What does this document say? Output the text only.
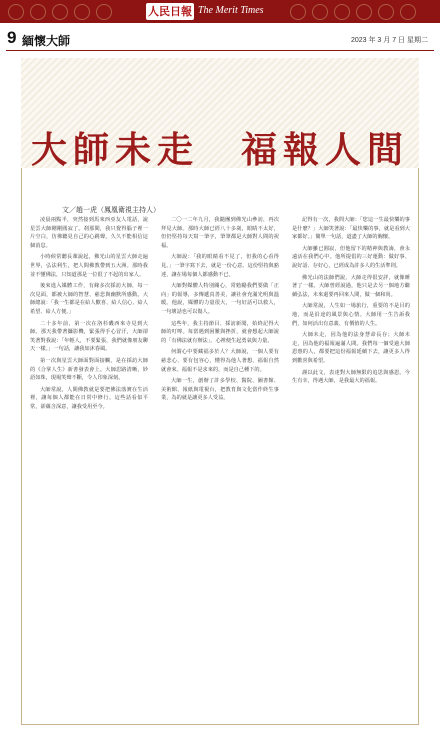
人民日報 The Merit Times
9 緬懷大師	2023 年 3 月 7 日 星期二
大師未走　福報人間
文／趙一虎（鳳凰衛視主持人）

凌晨兩點半，突然接到馬來西亞友人電話，說星雲大師剛剛圓寂了。刹那間，我只覺得腦子裡一片空白，彷彿聽見自己的心跳聲，久久不能相信這個消息。

小時候常聽長輩說起，佛光山的星雲大師走遍世界，弘法利生，把人間佛教帶到五大洲。那時我並不懂佛法，只知道那是一位很了不起的出家人。

後來進入媒體工作，有緣多次採訪大師，每一次見面，都被大師的智慧、慈悲與幽默所感動。大師總說：「我一生都是在給人歡喜、給人信心、給人希望、給人方便。」

二十多年前，第一次在洛杉磯西來寺見到大師。那天我帶著攝影機，緊張得手心冒汗，大師卻笑著對我說：「年輕人，不要緊張，我們就像朋友聊天一樣。」一句話，讓我如沐春風。

第一次與星雲大師面對面接觸，是在採訪大師的《合掌人生》新書發表會上。大師思路清晰，妙語如珠，現場笑聲不斷，令人印象深刻。

大師常說，人間佛教就是要把佛法落實在生活裡，讓每個人都能在日常中修行。這些話看似平常，卻蘊含深意，讓我受用至今。

二〇一二年九月，我隨團到佛光山參訪，再次拜見大師。那時大師已經八十多歲，眼睛不太好，但仍堅持每天寫一筆字，筆筆都是大師對人間的祝福。

大師說：「我的眼睛看不見了，但我的心看得見。」一筆字寫下去，就是一份心意。這份堅持與豁達，讓在場每個人都感動不已。

大師對媒體人特別關心，常勉勵我們要做「正向」的報導，多傳遞真善美，讓社會充滿光明與溫暖。他說，媒體的力量很大，一句好話可以救人，一句壞話也可以傷人。

這些年，我主持節目、採訪新聞，始終記得大師的叮嚀。每當遇到困難與挫折，就會想起大師說的「有佛法就有辦法」，心裡便生起勇氣與力量。

何謂心中要藏福多於人？大師說，一個人要有慈悲心、要有包容心，懂得為他人著想，福報自然就會來。福報不是求來的，而是自己種下的。

大師一生，創辦了許多學校、醫院、圖書館、美術館、報紙與電視台，把教育與文化當作終生事業，為的就是讓更多人受益。

記得有一次，我問大師：「您這一生最快樂的事是什麼？」大師笑著說：「最快樂的事，就是看到大家都好。」簡單一句話，道盡了大師的胸懷。

大師雖已圓寂，但他留下的精神與教誨，會永遠活在我們心中。他所提倡的三好運動：做好事、說好話、存好心，已經成為許多人的生活準則。

佛光山的法師們說，大師走得很安詳，就像睡著了一樣。大師曾經說過，他只是去另一個地方繼續弘法，未來還要再回來人間，做一個和尚。

大師常說，人生如一場旅行，重要的不是目的地，而是沿途的風景與心情。大師用一生告訴我們，如何活出有意義、有價值的人生。

大師未走，因為他的法身慧命長存；大師未走，因為他的福報遍滿人間。我們每一個受過大師恩惠的人，都要把這份福報延續下去，讓更多人得到歡喜與希望。

謹以此文，表達對大師無限的追思與感恩。今生有幸，得遇大師，是我最大的福報。
